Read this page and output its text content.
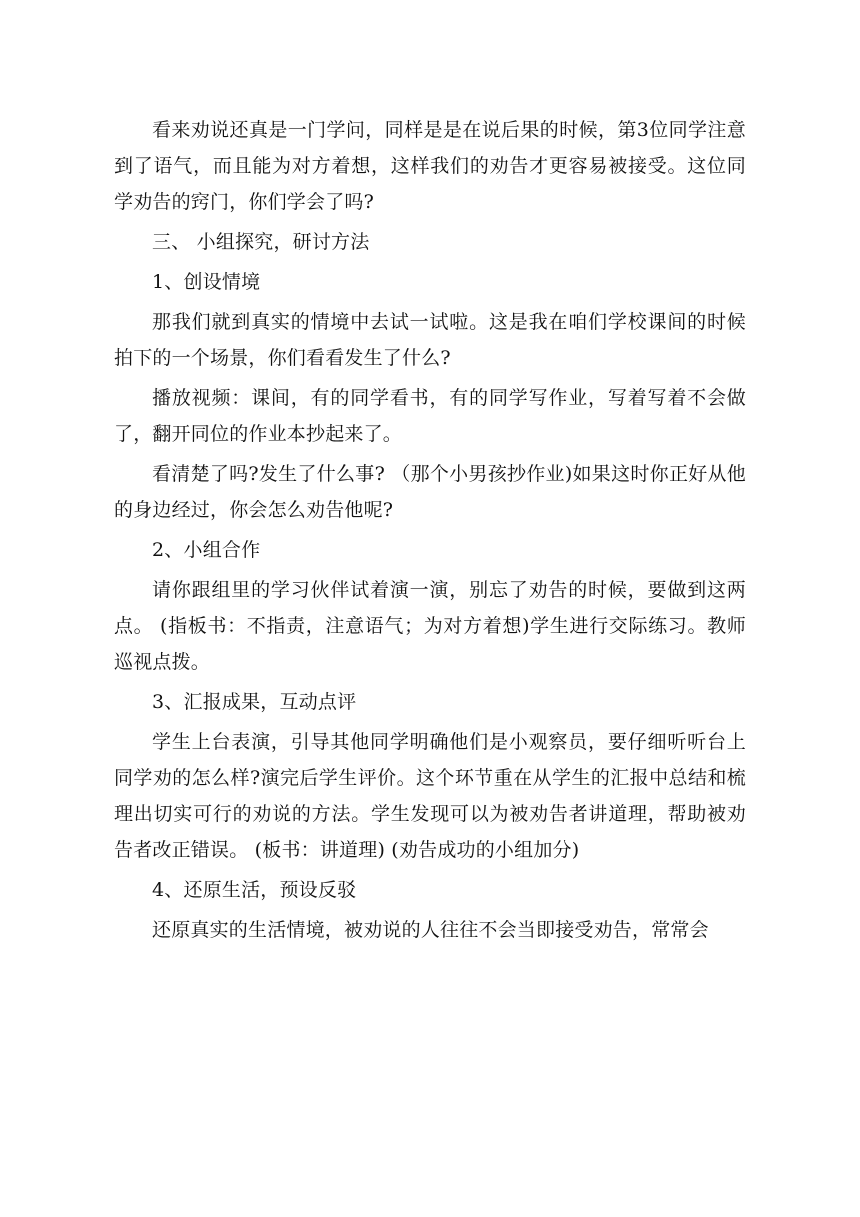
看来劝说还真是一门学问，同样是是在说后果的时候，第3位同学注意到了语气，而且能为对方着想，这样我们的劝告才更容易被接受。这位同学劝告的窍门，你们学会了吗?

三、 小组探究，研讨方法

1、创设情境

那我们就到真实的情境中去试一试啦。这是我在咱们学校课间的时候拍下的一个场景，你们看看发生了什么?

播放视频：课间，有的同学看书，有的同学写作业，写着写着不会做了，翻开同位的作业本抄起来了。

看清楚了吗?发生了什么事? （那个小男孩抄作业)如果这时你正好从他的身边经过，你会怎么劝告他呢?

2、小组合作

请你跟组里的学习伙伴试着演一演，别忘了劝告的时候，要做到这两点。 (指板书：不指责，注意语气；为对方着想)学生进行交际练习。教师巡视点拨。

3、汇报成果，互动点评

学生上台表演，引导其他同学明确他们是小观察员，要仔细听听台上同学劝的怎么样?演完后学生评价。这个环节重在从学生的汇报中总结和梳理出切实可行的劝说的方法。学生发现可以为被劝告者讲道理，帮助被劝告者改正错误。 (板书：讲道理) (劝告成功的小组加分)

4、还原生活，预设反驳

还原真实的生活情境，被劝说的人往往不会当即接受劝告，常常会
